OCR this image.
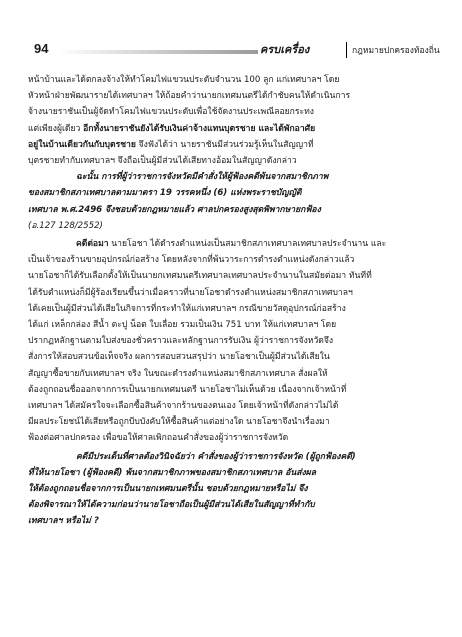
94	ครบเครื่อง	กฎหมายปกครองท้องถิ่น
หน้าบ้านและได้ตกลงจ้างให้ทำโคมไฟแขวนประดับจำนวน 100 ลูก แก่เทศบาลฯ โดย
หัวหน้าฝ่ายพัฒนารายได้เทศบาลฯ ให้ถ้อยคำว่านายกเทศมนตรีได้กำชับคนให้ดำเนินการ
จ้างนายราชันเป็นผู้จัดทำโคมไฟแขวนประดับเพื่อใช้จัดงานประเพณีลอยกระทง
แต่เพียงผู้เดียว อีกทั้งนายราชันยังได้รับเงินค่าจ้างแทนบุตรชาย และได้พักอาศัย
อยู่ในบ้านเดียวกันกับบุตรชาย จึงฟังได้ว่า นายราชันมีส่วนร่วมรู้เห็นในสัญญาที่
บุตรชายทำกับเทศบาลฯ จึงถือเป็นผู้มีส่วนได้เสียทางอ้อมในสัญญาดังกล่าว
ฉะนั้น การที่ผู้ว่าราชการจังหวัดมีคำสั่งให้ผู้ฟ้องคดีพ้นจากสมาชิกภาพ
ของสมาชิกสภาเทศบาลตามมาตรา 19 วรรคหนึ่ง (6) แห่งพระราชบัญญัติ
เทศบาล พ.ศ.2496 จึงชอบด้วยกฎหมายแล้ว ศาลปกครองสูงสุดพิพากษายกฟ้อง
(อ.127 128/2552)
คดีต่อมา นายโอชา ได้ดำรงตำแหน่งเป็นสมาชิกสภาเทศบาลเทศบาลประจำนาน และ
เป็นเจ้าของร้านขายอุปกรณ์ก่อสร้าง โดยหลังจากที่พ้นวาระการดำรงตำแหน่งดังกล่าวแล้ว
นายโอชาก็ได้รับเลือกตั้งให้เป็นนายกเทศมนตรีเทศบาลเทศบาลประจำนานในสมัยต่อมา ทันทีที่
ได้รับตำแหน่งก็มีผู้ร้องเรียนขึ้นว่าเมื่อคราวที่นายโอชาดำรงตำแหน่งสมาชิกสภาเทศบาลฯ
ได้เคยเป็นผู้มีส่วนได้เสียในกิจการที่กระทำให้แก่เทศบาลฯ กรณีขายวัสดุอุปกรณ์ก่อสร้าง
ได้แก่ เหล็กกล่อง สีน้ำ ตะปู น็อต ใบเลื่อย รวมเป็นเงิน 751 บาท ให้แก่เทศบาลฯ โดย
ปรากฏหลักฐานตามใบส่งของชั่วคราวและหลักฐานการรับเงิน ผู้ว่าราชการจังหวัดจึง
สั่งการให้สอบสวนข้อเท็จจริง ผลการสอบสวนสรุปว่า นายโอชาเป็นผู้มีส่วนได้เสียใน
สัญญาซื้อขายกับเทศบาลฯ จริง ในขณะดำรงตำแหน่งสมาชิกสภาเทศบาล สั่งผลให้
ต้องถูกถอนชื่อออกจากการเป็นนายกเทศมนตรี นายโอชาไม่เห็นด้วย เนื่องจากเจ้าหน้าที่
เทศบาลฯ ได้สมัครใจจะเลือกซื้อสินค้าจากร้านของตนเอง โดยเจ้าหน้าที่ดังกล่าวไม่ได้
มีผลประโยชน์ได้เสียหรือถูกบีบบังคับให้ซื้อสินค้าแต่อย่างใด นายโอชาจึงนำเรื่องมา
ฟ้องต่อศาลปกครอง เพื่อขอให้ศาลเพิกถอนคำสั่งของผู้ว่าราชการจังหวัด
คดีมีประเด็นที่ศาลต้องวินิจฉัยว่า คำสั่งของผู้ว่าราชการจังหวัด (ผู้ถูกฟ้องคดี)
ที่ให้นายโอชา (ผู้ฟ้องคดี) พ้นจากสมาชิกภาพของสมาชิกสภาเทศบาล อันส่งผล
ให้ต้องถูกถอนชื่อจากการเป็นนายกเทศมนตรีนั้น ชอบด้วยกฎหมายหรือไม่ จึง
ต้องพิจารณาให้ได้ความก่อนว่านายโอชาถือเป็นผู้มีส่วนได้เสียในสัญญาที่ทำกับ
เทศบาลฯ หรือไม่ ?
